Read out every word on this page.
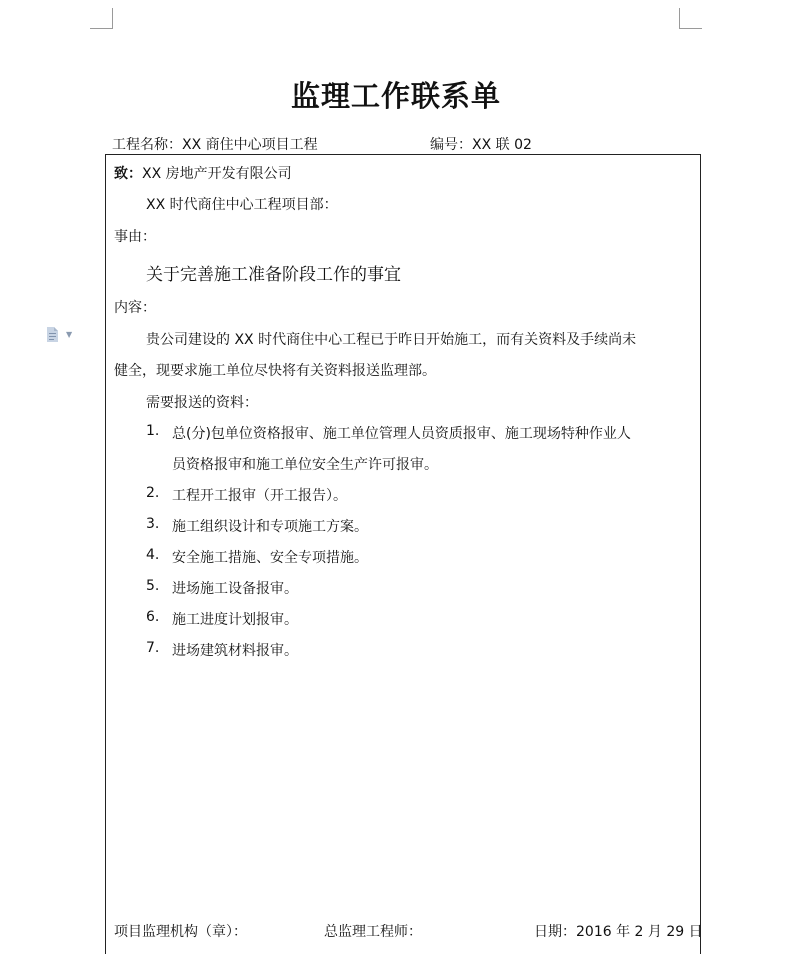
监理工作联系单
工程名称：XX 商住中心项目工程	编号：XX 联 02
▼
致：XX 房地产开发有限公司
XX 时代商住中心工程项目部：
事由：
关于完善施工准备阶段工作的事宜
内容：
贵公司建设的 XX 时代商住中心工程已于昨日开始施工，而有关资料及手续尚未
健全，现要求施工单位尽快将有关资料报送监理部。
需要报送的资料：
1. 总(分)包单位资格报审、施工单位管理人员资质报审、施工现场特种作业人
员资格报审和施工单位安全生产许可报审。
2. 工程开工报审（开工报告）。
3. 施工组织设计和专项施工方案。
4. 安全施工措施、安全专项措施。
5. 进场施工设备报审。
6. 施工进度计划报审。
7. 进场建筑材料报审。
项目监理机构（章）：	总监理工程师：	日期：2016 年 2 月 29 日
